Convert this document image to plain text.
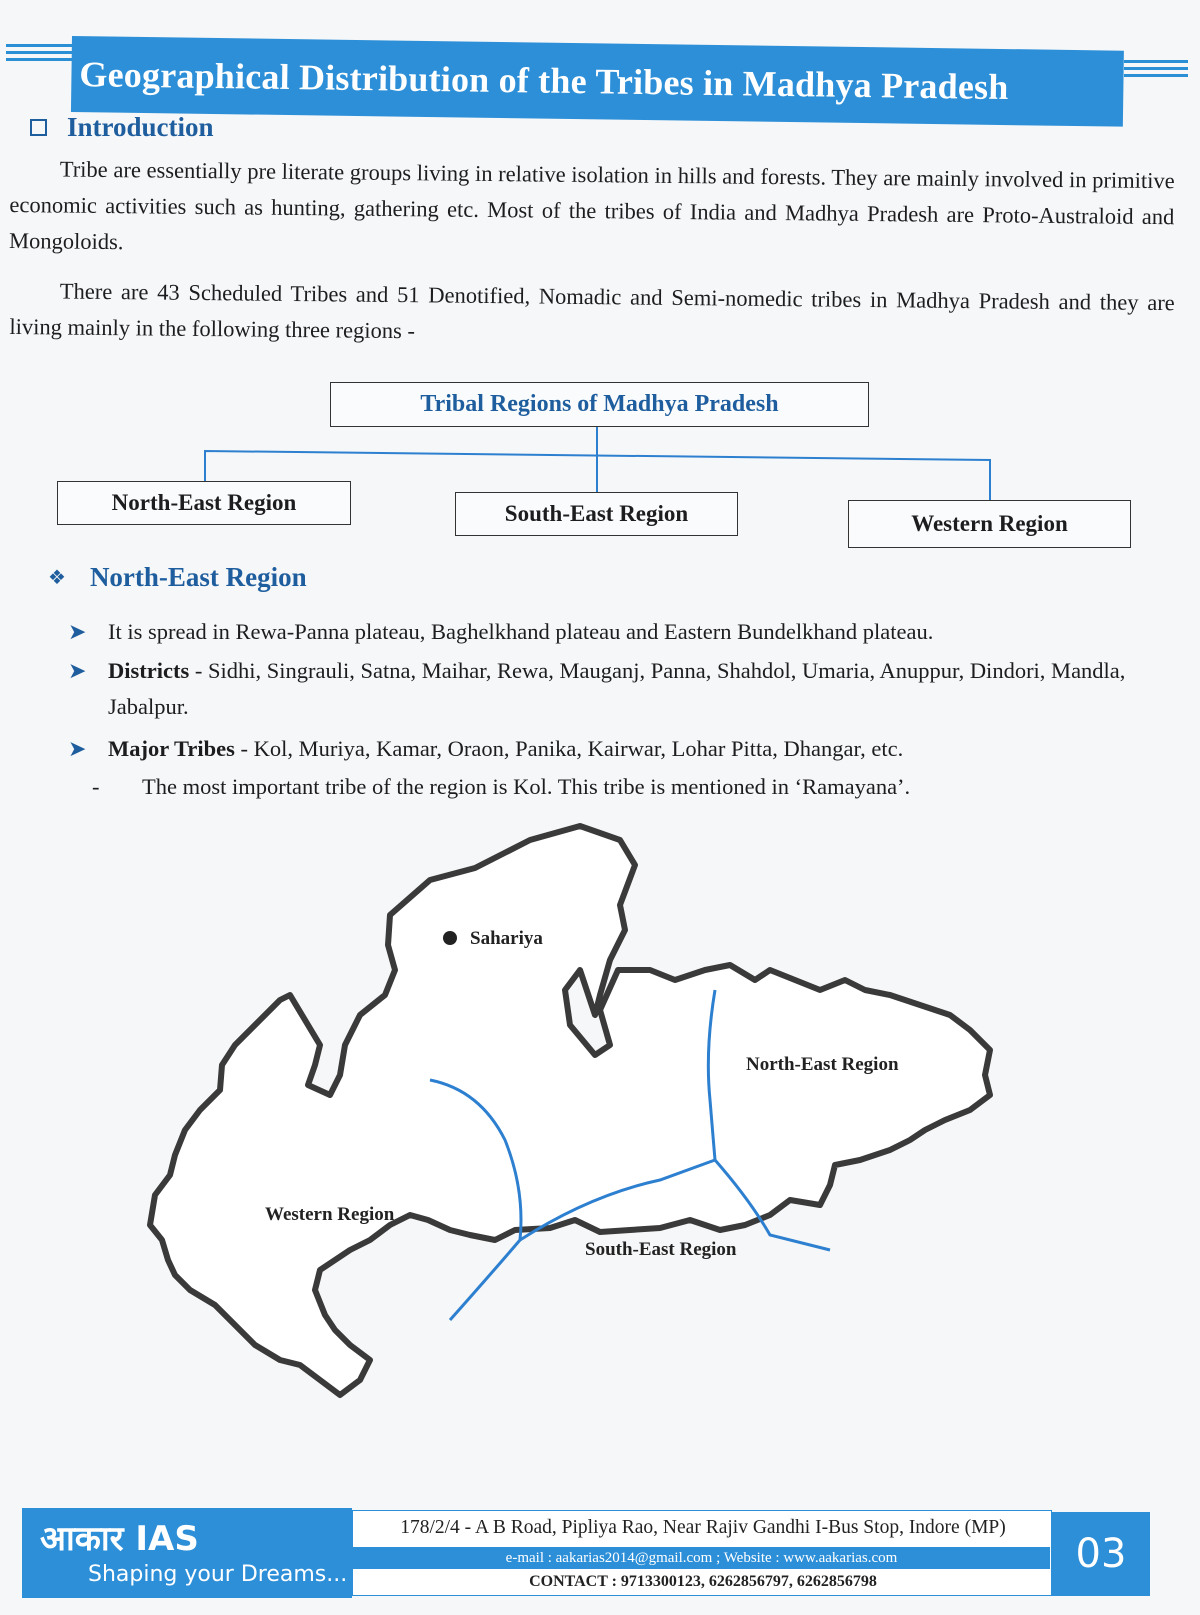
Geographical Distribution of the Tribes in Madhya Pradesh
Introduction

Tribe are essentially pre literate groups living in relative isolation in hills and forests. They are mainly involved in primitive economic activities such as hunting, gathering etc. Most of the tribes of India and Madhya Pradesh are Proto-Australoid and Mongoloids.

There are 43 Scheduled Tribes and 51 Denotified, Nomadic and Semi-nomedic tribes in Madhya Pradesh and they are living mainly in the following three regions -

Tribal Regions of Madhya Pradesh
North-East Region	South-East Region	Western Region
❖ North-East Region
➤ It is spread in Rewa-Panna plateau, Baghelkhand plateau and Eastern Bundelkhand plateau.
➤ Districts - Sidhi, Singrauli, Satna, Maihar, Rewa, Mauganj, Panna, Shahdol, Umaria, Anuppur, Dindori, Mandla, Jabalpur.
➤ Major Tribes - Kol, Muriya, Kamar, Oraon, Panika, Kairwar, Lohar Pitta, Dhangar, etc.
-	The most important tribe of the region is Kol. This tribe is mentioned in ‘Ramayana’.
Sahariya
North-East Region
Western Region
South-East Region
आकार IAS
Shaping your Dreams...
178/2/4 - A B Road, Pipliya Rao, Near Rajiv Gandhi I-Bus Stop, Indore (MP)
e-mail : aakarias2014@gmail.com ; Website : www.aakarias.com
CONTACT : 9713300123, 6262856797, 6262856798
03
